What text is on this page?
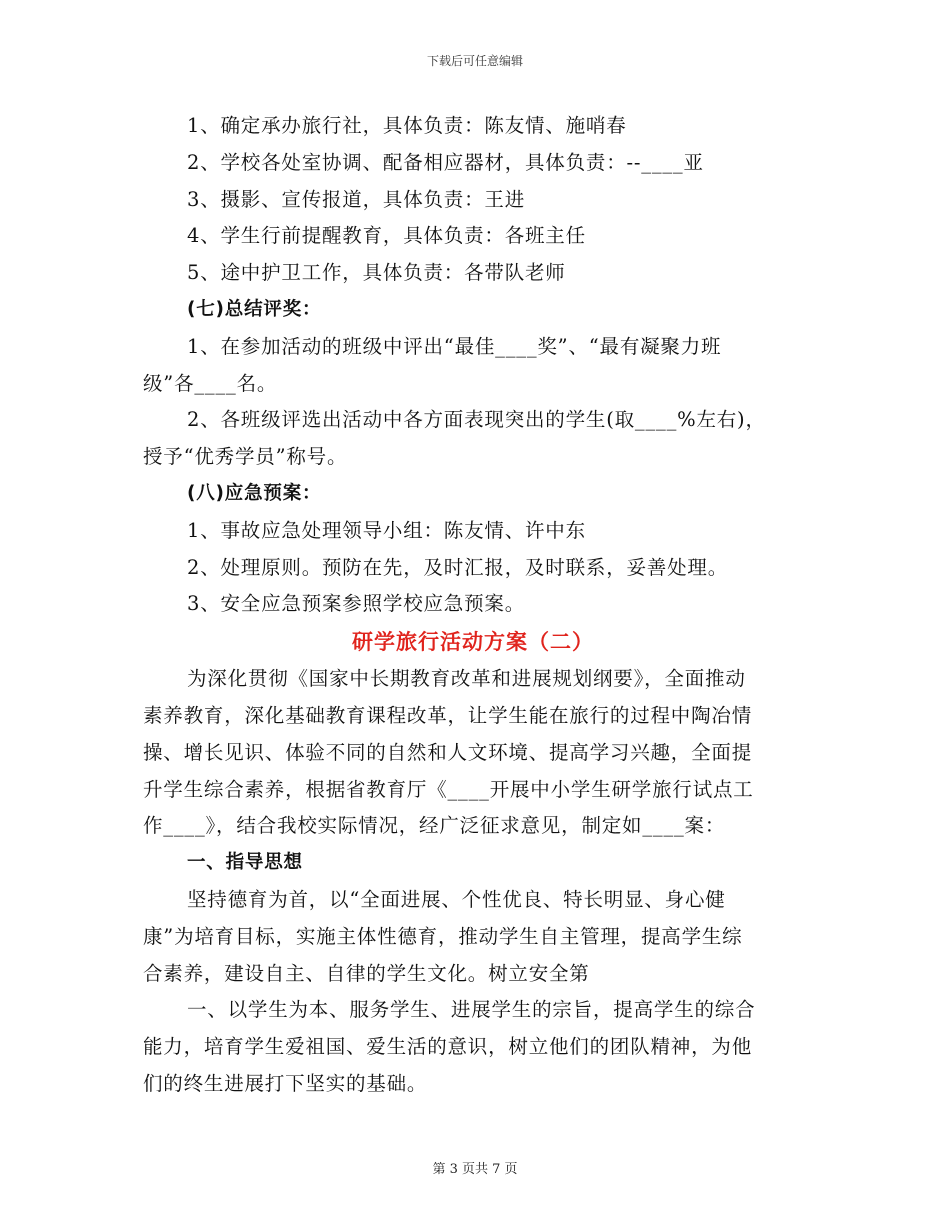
下载后可任意编辑
1、确定承办旅行社，具体负责：陈友情、施哨春
2、学校各处室协调、配备相应器材，具体负责：--____亚
3、摄影、宣传报道，具体负责：王进
4、学生行前提醒教育，具体负责：各班主任
5、途中护卫工作，具体负责：各带队老师
(七)总结评奖：
1、在参加活动的班级中评出“最佳____奖”、“最有凝聚力班
级”各____名。
2、各班级评选出活动中各方面表现突出的学生(取____%左右)，
授予“优秀学员”称号。
(八)应急预案：
1、事故应急处理领导小组：陈友情、许中东
2、处理原则。预防在先，及时汇报，及时联系，妥善处理。
3、安全应急预案参照学校应急预案。
研学旅行活动方案（二）
为深化贯彻《国家中长期教育改革和进展规划纲要》，全面推动
素养教育，深化基础教育课程改革，让学生能在旅行的过程中陶冶情
操、增长见识、体验不同的自然和人文环境、提高学习兴趣，全面提
升学生综合素养，根据省教育厅《____开展中小学生研学旅行试点工
作____》，结合我校实际情况，经广泛征求意见，制定如____案：
一、指导思想
坚持德育为首，以“全面进展、个性优良、特长明显、身心健
康”为培育目标，实施主体性德育，推动学生自主管理，提高学生综
合素养，建设自主、自律的学生文化。树立安全第
一、以学生为本、服务学生、进展学生的宗旨，提高学生的综合
能力，培育学生爱祖国、爱生活的意识，树立他们的团队精神，为他
们的终生进展打下坚实的基础。
第 3 页共 7 页
